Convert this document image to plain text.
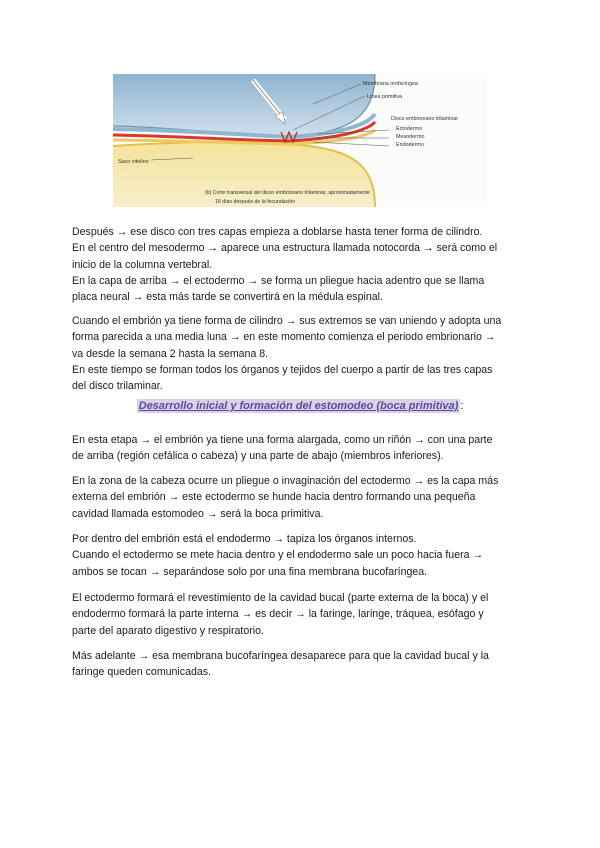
Membrana orofaríngea
Línea primitiva
Disco embrionario trilaminar
Ectodermo
Mesodermo
Endodermo
Saco vitelino
(b) Corte transversal del disco embrionario trilaminar, aproximadamente
16 días después de la fecundación

Después → ese disco con tres capas empieza a doblarse hasta tener forma de cilindro.

En el centro del mesodermo → aparece una estructura llamada notocorda → será como el

inicio de la columna vertebral.

En la capa de arriba → el ectodermo → se forma un pliegue hacia adentro que se llama

placa neural → esta más tarde se convertirá en la médula espinal.

Cuando el embrión ya tiene forma de cilindro → sus extremos se van uniendo y adopta una

forma parecida a una media luna → en este momento comienza el periodo embrionario →

va desde la semana 2 hasta la semana 8.

En este tiempo se forman todos los órganos y tejidos del cuerpo a partir de las tres capas

del disco trilaminar.

Desarrollo inicial y formación del estomodeo (boca primitiva) :

En esta etapa → el embrión ya tiene una forma alargada, como un riñón → con una parte

de arriba (región cefálica o cabeza) y una parte de abajo (miembros inferiores).

En la zona de la cabeza ocurre un pliegue o invaginación del ectodermo → es la capa más

externa del embrión → este ectodermo se hunde hacia dentro formando una pequeña

cavidad llamada estomodeo → será la boca primitiva.

Por dentro del embrión está el endodermo → tapiza los órganos internos.

Cuando el ectodermo se mete hacia dentro y el endodermo sale un poco hacia fuera →

ambos se tocan → separándose solo por una fina membrana bucofaríngea.

El ectodermo formará el revestimiento de la cavidad bucal (parte externa de la boca) y el

endodermo formará la parte interna → es decir → la faringe, laringe, tráquea, esófago y

parte del aparato digestivo y respiratorio.

Más adelante → esa membrana bucofaríngea desaparece para que la cavidad bucal y la

faringe queden comunicadas.
